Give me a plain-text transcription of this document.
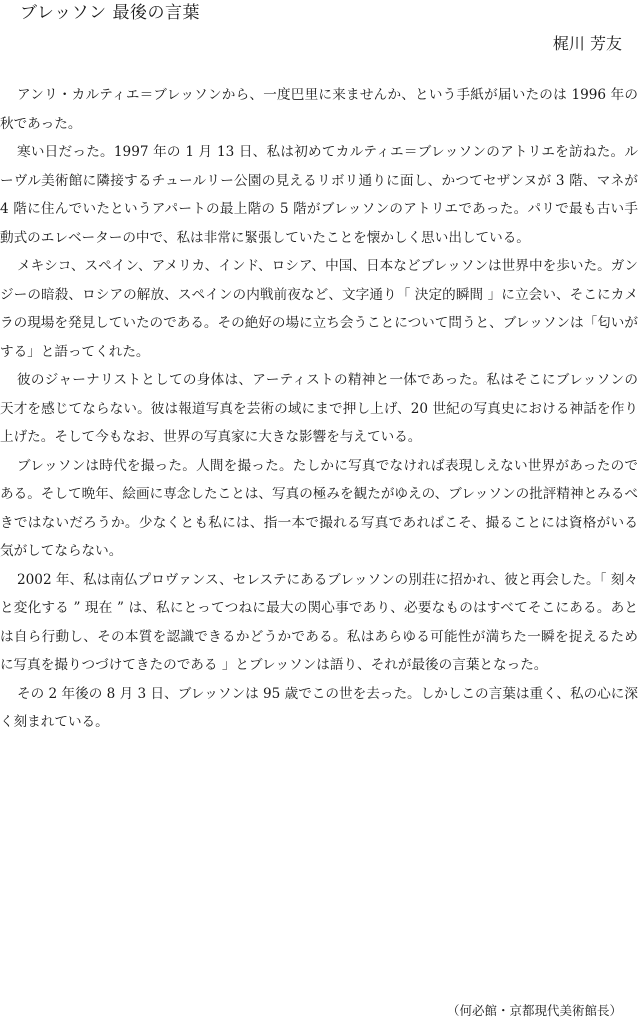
ブレッソン 最後の言葉
梶川 芳友

アンリ・カルティエ＝ブレッソンから、一度巴里に来ませんか、という手紙が届いたのは 1996 年の秋であった。

寒い日だった。1997 年の 1 月 13 日、私は初めてカルティエ＝ブレッソンのアトリエを訪ねた。ルーヴル美術館に隣接するチュールリー公園の見えるリボリ通りに面し、かつてセザンヌが 3 階、マネが 4 階に住んでいたというアパートの最上階の 5 階がブレッソンのアトリエであった。パリで最も古い手動式のエレベーターの中で、私は非常に緊張していたことを懐かしく思い出している。

メキシコ、スペイン、アメリカ、インド、ロシア、中国、日本などブレッソンは世界中を歩いた。ガンジーの暗殺、ロシアの解放、スペインの内戦前夜など、文字通り「 決定的瞬間 」に立会い、そこにカメラの現場を発見していたのである。その絶好の場に立ち会うことについて問うと、ブレッソンは「匂いがする」と語ってくれた。

彼のジャーナリストとしての身体は、アーティストの精神と一体であった。私はそこにブレッソンの天才を感じてならない。彼は報道写真を芸術の域にまで押し上げ、20 世紀の写真史における神話を作り上げた。そして今もなお、世界の写真家に大きな影響を与えている。

ブレッソンは時代を撮った。人間を撮った。たしかに写真でなければ表現しえない世界があったのである。そして晩年、絵画に専念したことは、写真の極みを観たがゆえの、ブレッソンの批評精神とみるべきではないだろうか。少なくとも私には、指一本で撮れる写真であればこそ、撮ることには資格がいる気がしてならない。

2002 年、私は南仏プロヴァンス、セレステにあるブレッソンの別荘に招かれ、彼と再会した。「 刻々と変化する ” 現在 ” は、私にとってつねに最大の関心事であり、必要なものはすべてそこにある。あとは自ら行動し、その本質を認識できるかどうかである。私はあらゆる可能性が満ちた一瞬を捉えるために写真を撮りつづけてきたのである 」とブレッソンは語り、それが最後の言葉となった。

その 2 年後の 8 月 3 日、ブレッソンは 95 歳でこの世を去った。しかしこの言葉は重く、私の心に深く刻まれている。

（何必館・京都現代美術館長）
